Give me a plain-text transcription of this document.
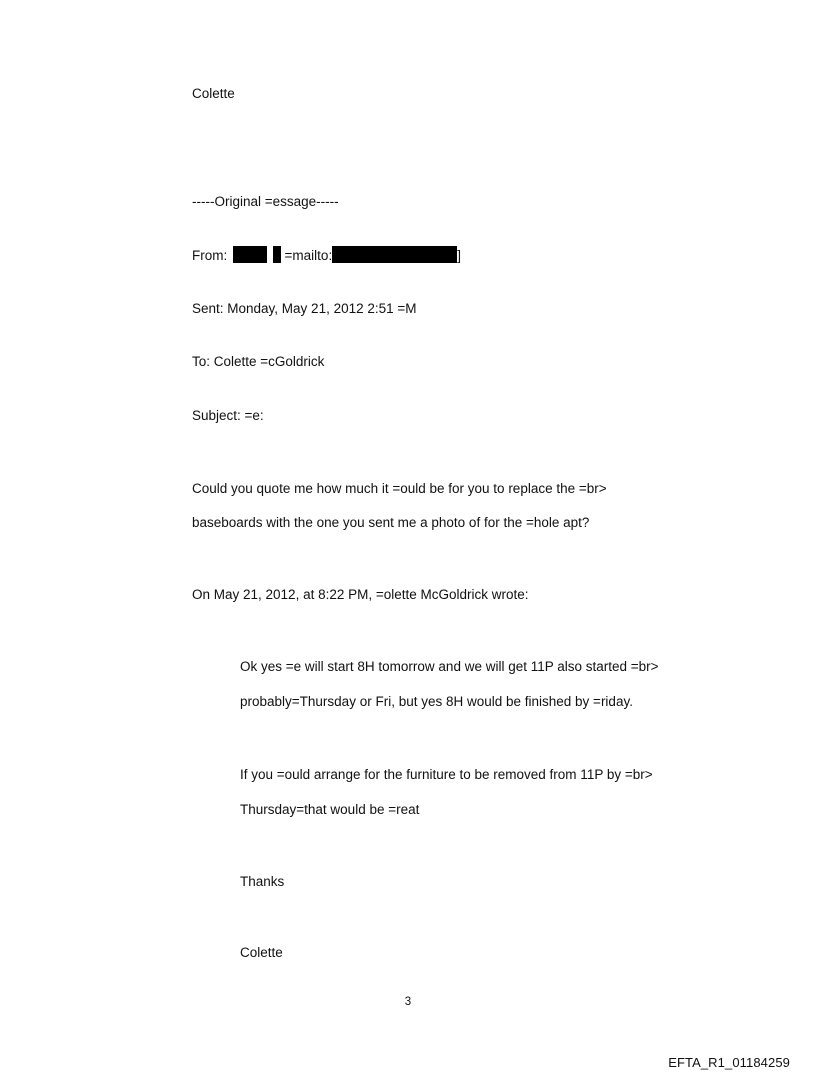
Colette
-----Original =essage-----
From:	=mailto:	]
Sent: Monday, May 21, 2012 2:51 =M
To: Colette =cGoldrick
Subject: =e:
Could you quote me how much it =ould be for you to replace the =br>
baseboards with the one you sent me a photo of for the =hole apt?
On May 21, 2012, at 8:22 PM, =olette McGoldrick wrote:
Ok yes =e will start 8H tomorrow and we will get 11P also started =br>
probably=Thursday or Fri, but yes 8H would be finished by =riday.
If you =ould arrange for the furniture to be removed from 11P by =br>
Thursday=that would be =reat
Thanks
Colette
3
EFTA_R1_01184259
